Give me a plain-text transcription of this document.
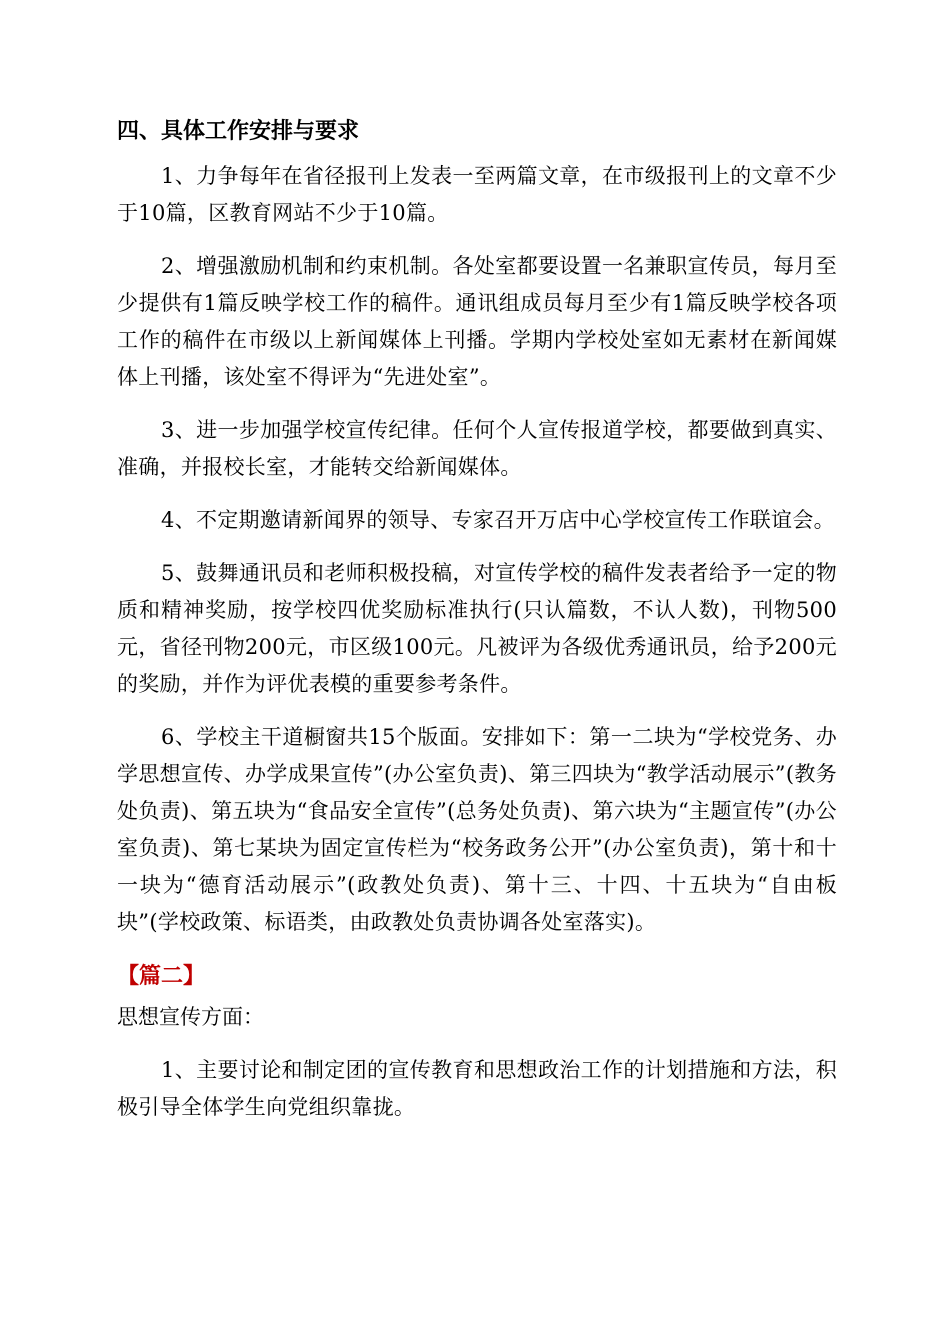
四、具体工作安排与要求

1、力争每年在省径报刊上发表一至两篇文章，在市级报刊上的文章不少于10篇，区教育网站不少于10篇。

2、增强激励机制和约束机制。各处室都要设置一名兼职宣传员，每月至少提供有1篇反映学校工作的稿件。通讯组成员每月至少有1篇反映学校各项工作的稿件在市级以上新闻媒体上刊播。学期内学校处室如无素材在新闻媒体上刊播，该处室不得评为“先进处室”。

3、进一步加强学校宣传纪律。任何个人宣传报道学校，都要做到真实、准确，并报校长室，才能转交给新闻媒体。

4、不定期邀请新闻界的领导、专家召开万店中心学校宣传工作联谊会。

5、鼓舞通讯员和老师积极投稿，对宣传学校的稿件发表者给予一定的物质和精神奖励，按学校四优奖励标准执行(只认篇数，不认人数)，刊物500元，省径刊物200元，市区级100元。凡被评为各级优秀通讯员，给予200元的奖励，并作为评优表模的重要参考条件。

6、学校主干道橱窗共15个版面。安排如下：第一二块为“学校党务、办学思想宣传、办学成果宣传”(办公室负责)、第三四块为“教学活动展示”(教务处负责)、第五块为“食品安全宣传”(总务处负责)、第六块为“主题宣传”(办公室负责)、第七某块为固定宣传栏为“校务政务公开”(办公室负责)，第十和十一块为“德育活动展示”(政教处负责)、第十三、十四、十五块为“自由板块”(学校政策、标语类，由政教处负责协调各处室落实)。

【篇二】
思想宣传方面：

1、主要讨论和制定团的宣传教育和思想政治工作的计划措施和方法，积极引导全体学生向党组织靠拢。
